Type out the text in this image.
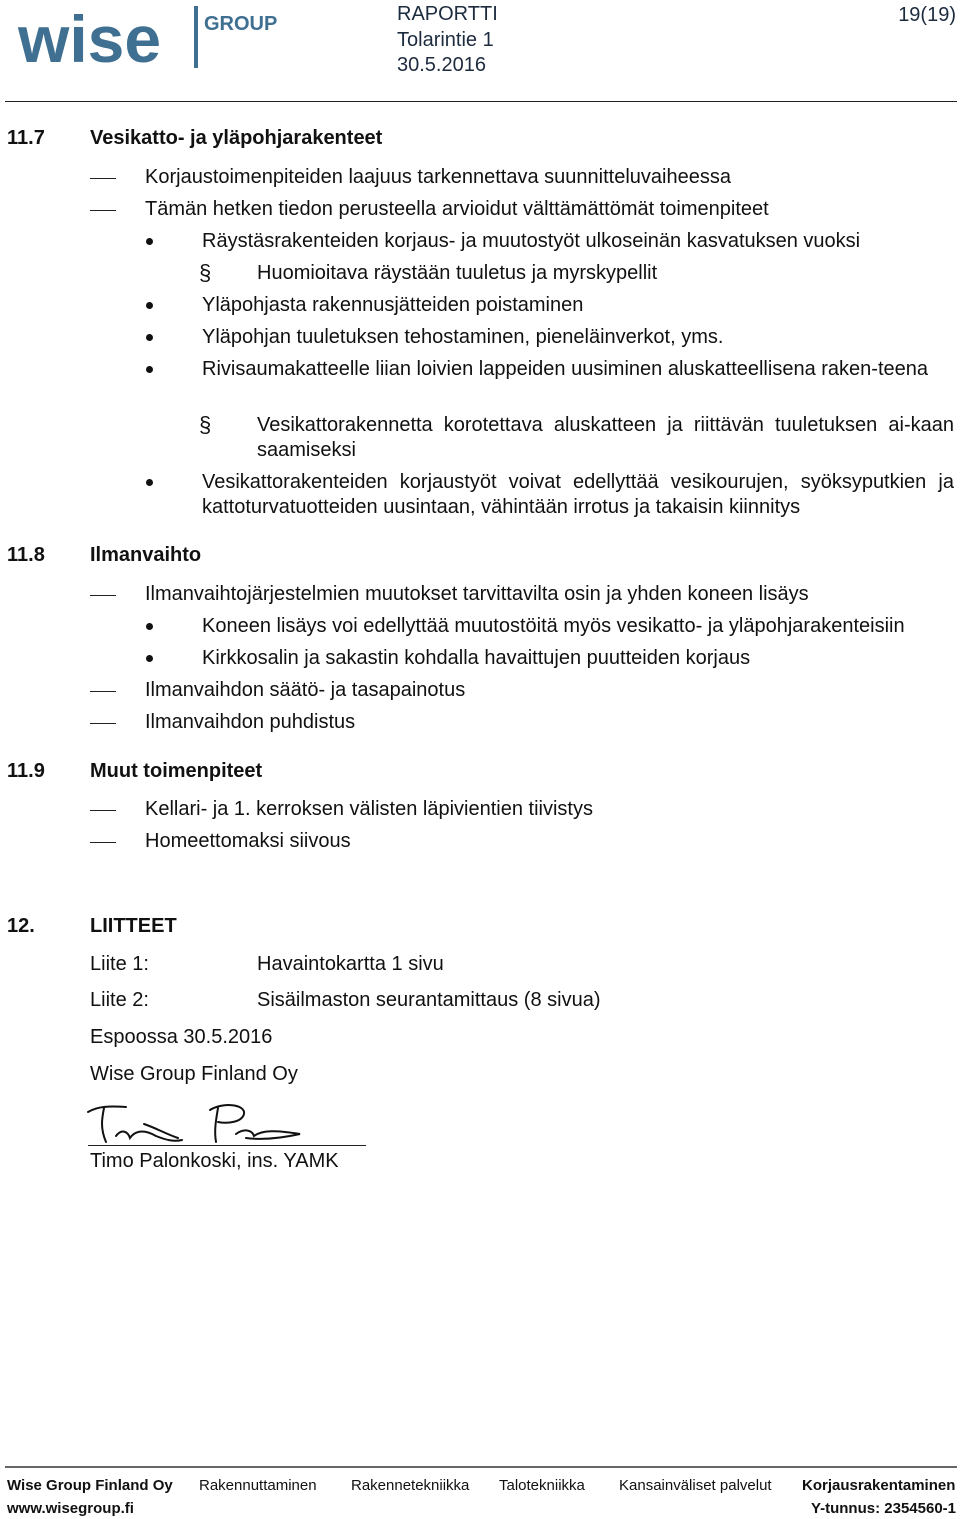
wise GROUP	RAPORTTI
Tolarintie 1
30.5.2016
19(19)
11.7 Vesikatto- ja yläpohjarakenteet
Korjaustoimenpiteiden laajuus tarkennettava suunnitteluvaiheessa
Tämän hetken tiedon perusteella arvioidut välttämättömät toimenpiteet
Räystäsrakenteiden korjaus- ja muutostyöt ulkoseinän kasvatuksen vuoksi
§ Huomioitava räystään tuuletus ja myrskypellit
Yläpohjasta rakennusjätteiden poistaminen
Yläpohjan tuuletuksen tehostaminen, pieneläinverkot, yms.
Rivisaumakatteelle liian loivien lappeiden uusiminen aluskatteellisena raken-teena
§ Vesikattorakennetta korotettava aluskatteen ja riittävän tuuletuksen ai-kaan saamiseksi
Vesikattorakenteiden korjaustyöt voivat edellyttää vesikourujen, syöksyputkien ja kattoturvatuotteiden uusintaan, vähintään irrotus ja takaisin kiinnitys
11.8 Ilmanvaihto
Ilmanvaihtojärjestelmien muutokset tarvittavilta osin ja yhden koneen lisäys
Koneen lisäys voi edellyttää muutostöitä myös vesikatto- ja yläpohjarakenteisiin
Kirkkosalin ja sakastin kohdalla havaittujen puutteiden korjaus
Ilmanvaihdon säätö- ja tasapainotus
Ilmanvaihdon puhdistus
11.9 Muut toimenpiteet
Kellari- ja 1. kerroksen välisten läpivientien tiivistys
Homeettomaksi siivous
12.	LIITTEET
Liite 1:	Havaintokartta 1 sivu
Liite 2:	Sisäilmaston seurantamittaus (8 sivua)
Espoossa 30.5.2016
Wise Group Finland Oy
Timo Palonkoski, ins. YAMK
Wise Group Finland Oy Rakennuttaminen Rakennetekniikka Talotekniikka Kansainväliset palvelut Korjausrakentaminen
www.wisegroup.fi	Y-tunnus: 2354560-1
